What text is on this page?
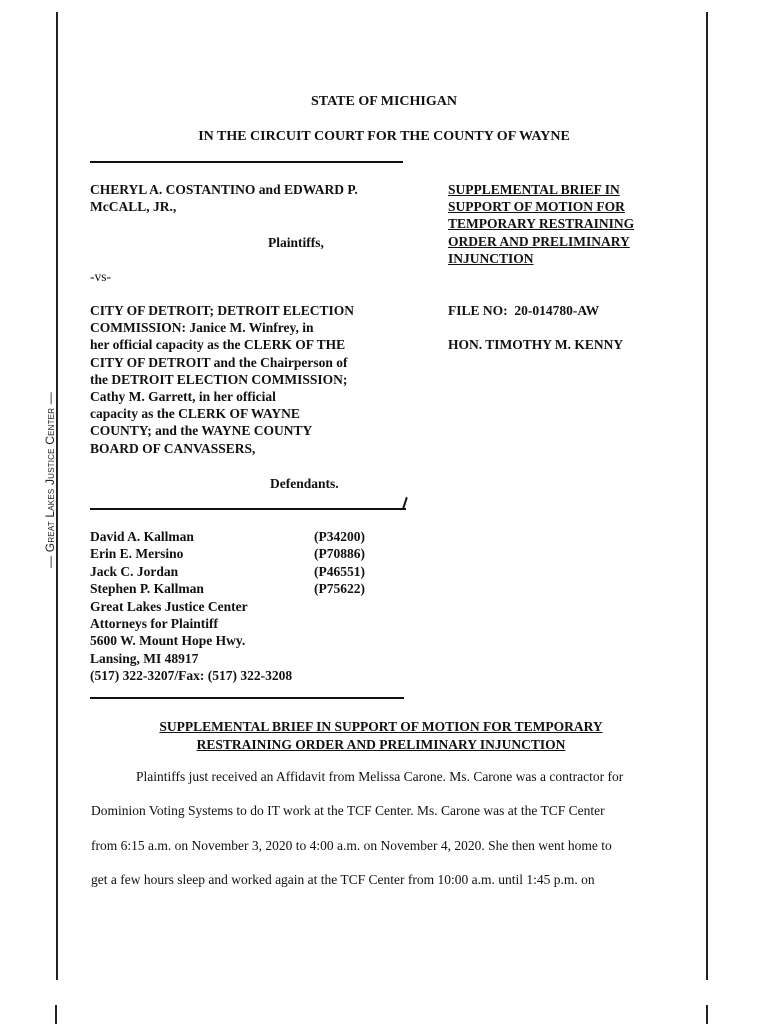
— Great Lakes Justice Center —
STATE OF MICHIGAN
IN THE CIRCUIT COURT FOR THE COUNTY OF WAYNE
CHERYL A. COSTANTINO and EDWARD P.
McCALL, JR.,
Plaintiffs,
-vs-
CITY OF DETROIT; DETROIT ELECTION
COMMISSION: Janice M. Winfrey, in
her official capacity as the CLERK OF THE
CITY OF DETROIT and the Chairperson of
the DETROIT ELECTION COMMISSION;
Cathy M. Garrett, in her official
capacity as the CLERK OF WAYNE
COUNTY; and the WAYNE COUNTY
BOARD OF CANVASSERS,
Defendants.
SUPPLEMENTAL BRIEF IN
SUPPORT OF MOTION FOR
TEMPORARY RESTRAINING
ORDER AND PRELIMINARY
INJUNCTION
FILE NO:  20-014780-AW
HON. TIMOTHY M. KENNY
David A. Kallman	(P34200)
Erin E. Mersino	(P70886)
Jack C. Jordan	(P46551)
Stephen P. Kallman	(P75622)
Great Lakes Justice Center
Attorneys for Plaintiff
5600 W. Mount Hope Hwy.
Lansing, MI 48917
(517) 322-3207/Fax: (517) 322-3208
SUPPLEMENTAL BRIEF IN SUPPORT OF MOTION FOR TEMPORARY
RESTRAINING ORDER AND PRELIMINARY INJUNCTION
Plaintiffs just received an Affidavit from Melissa Carone. Ms. Carone was a contractor for
Dominion Voting Systems to do IT work at the TCF Center. Ms. Carone was at the TCF Center
from 6:15 a.m. on November 3, 2020 to 4:00 a.m. on November 4, 2020. She then went home to
get a few hours sleep and worked again at the TCF Center from 10:00 a.m. until 1:45 p.m. on
